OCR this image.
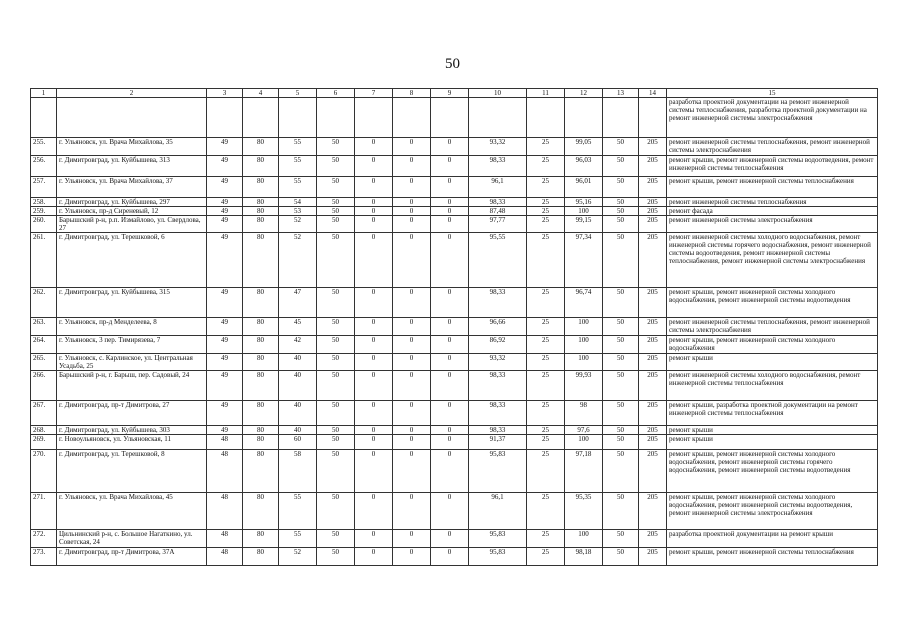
50
1	2	3	4	5	6	7	8	9	10	11	12	13	14	15
														разработка проектной документации на ремонт инженерной системы теплоснабжения, разработка проектной документации на ремонт инженерной системы электроснабжения
255.	г. Ульяновск, ул. Врача Михайлова, 35	49	80	55	50	0	0	0	93,32	25	99,05	50	205	ремонт инженерной системы теплоснабжения, ремонт инженерной системы электроснабжения
256.	г. Димитровград, ул. Куйбышева, 313	49	80	55	50	0	0	0	98,33	25	96,03	50	205	ремонт крыши, ремонт инженерной системы водоотведения, ремонт инженерной системы теплоснабжения
257.	г. Ульяновск, ул. Врача Михайлова, 37	49	80	55	50	0	0	0	96,1	25	96,01	50	205	ремонт крыши, ремонт инженерной системы теплоснабжения
258.	г. Димитровград, ул. Куйбышева, 297	49	80	54	50	0	0	0	98,33	25	95,16	50	205	ремонт инженерной системы теплоснабжения
259.	г. Ульяновск, пр-д Сиреневый, 12	49	80	53	50	0	0	0	87,48	25	100	50	205	ремонт фасада
260.	Барышский р-н, р.п. Измайлово, ул. Свердлова, 27	49	80	52	50	0	0	0	97,77	25	99,15	50	205	ремонт инженерной системы электроснабжения
261.	г. Димитровград, ул. Терешковой, 6	49	80	52	50	0	0	0	95,55	25	97,34	50	205	ремонт инженерной системы холодного водоснабжения, ремонт инженерной системы горячего водоснабжения, ремонт инженерной системы водоотведения, ремонт инженерной системы теплоснабжения, ремонт инженерной системы электроснабжения
262.	г. Димитровград, ул. Куйбышева, 315	49	80	47	50	0	0	0	98,33	25	96,74	50	205	ремонт крыши, ремонт инженерной системы холодного водоснабжения, ремонт инженерной системы водоотведения
263.	г. Ульяновск, пр-д Менделеева, 8	49	80	45	50	0	0	0	96,66	25	100	50	205	ремонт инженерной системы теплоснабжения, ремонт инженерной системы электроснабжения
264.	г. Ульяновск, 3 пер. Тимирязева, 7	49	80	42	50	0	0	0	86,92	25	100	50	205	ремонт крыши, ремонт инженерной системы холодного водоснабжения
265.	г. Ульяновск, с. Карлинское, ул. Центральная Усадьба, 25	49	80	40	50	0	0	0	93,32	25	100	50	205	ремонт крыши
266.	Барышский р-н, г. Барыш, пер. Садовый, 24	49	80	40	50	0	0	0	98,33	25	99,93	50	205	ремонт инженерной системы холодного водоснабжения, ремонт инженерной системы теплоснабжения
267.	г. Димитровград, пр-т Димитрова, 27	49	80	40	50	0	0	0	98,33	25	98	50	205	ремонт крыши, разработка проектной документации на ремонт инженерной системы теплоснабжения
268.	г. Димитровград, ул. Куйбышева, 303	49	80	40	50	0	0	0	98,33	25	97,6	50	205	ремонт крыши
269.	г. Новоульяновск, ул. Ульяновская, 11	48	80	60	50	0	0	0	91,37	25	100	50	205	ремонт крыши
270.	г. Димитровград, ул. Терешковой, 8	48	80	58	50	0	0	0	95,83	25	97,18	50	205	ремонт крыши, ремонт инженерной системы холодного водоснабжения, ремонт инженерной системы горячего водоснабжения, ремонт инженерной системы водоотведения
271.	г. Ульяновск, ул. Врача Михайлова, 45	48	80	55	50	0	0	0	96,1	25	95,35	50	205	ремонт крыши, ремонт инженерной системы холодного водоснабжения, ремонт инженерной системы водоотведения, ремонт инженерной системы электроснабжения
272.	Цильнинский р-н, с. Большое Нагаткино, ул. Советская, 24	48	80	55	50	0	0	0	95,83	25	100	50	205	разработка проектной документации на ремонт крыши
273.	г. Димитровград, пр-т Димитрова, 37А	48	80	52	50	0	0	0	95,83	25	98,18	50	205	ремонт крыши, ремонт инженерной системы теплоснабжения
